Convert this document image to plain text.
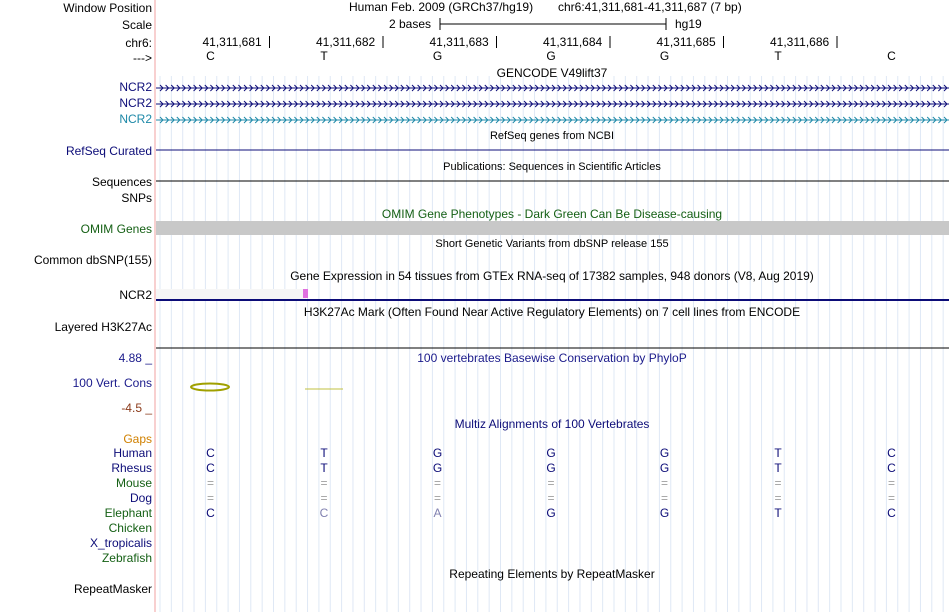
Window Position	Human Feb. 2009 (GRCh37/hg19) chr6:41,311,681-41,311,687 (7 bp)
Scale	2 bases	hg19
chr6:
--->
41,311,681	41,311,682	41,311,683	41,311,684	41,311,685	41,311,686
C	T	G	G	G	T	C
GENCODE V49lift37
NCR2
NCR2
NCR2
RefSeq genes from NCBI
RefSeq Curated
Publications: Sequences in Scientific Articles
Sequences
SNPs
OMIM Gene Phenotypes - Dark Green Can Be Disease-causing
OMIM Genes
Short Genetic Variants from dbSNP release 155
Common dbSNP(155)
Gene Expression in 54 tissues from GTEx RNA-seq of 17382 samples, 948 donors (V8, Aug 2019)
NCR2
H3K27Ac Mark (Often Found Near Active Regulatory Elements) on 7 cell lines from ENCODE
Layered H3K27Ac
4.88 _	100 vertebrates Basewise Conservation by PhyloP
100 Vert. Cons
-4.5 _
Multiz Alignments of 100 Vertebrates
Gaps
Human	C	T	G	G	G	T	C
Rhesus	C	T	G	G	G	T	C
Mouse	=	=	=	=	=	=	=
Dog	=	=	=	=	=	=	=
Elephant	C	C	A	G	G	T	C
Chicken
X_tropicalis
Zebrafish
Repeating Elements by RepeatMasker
RepeatMasker
